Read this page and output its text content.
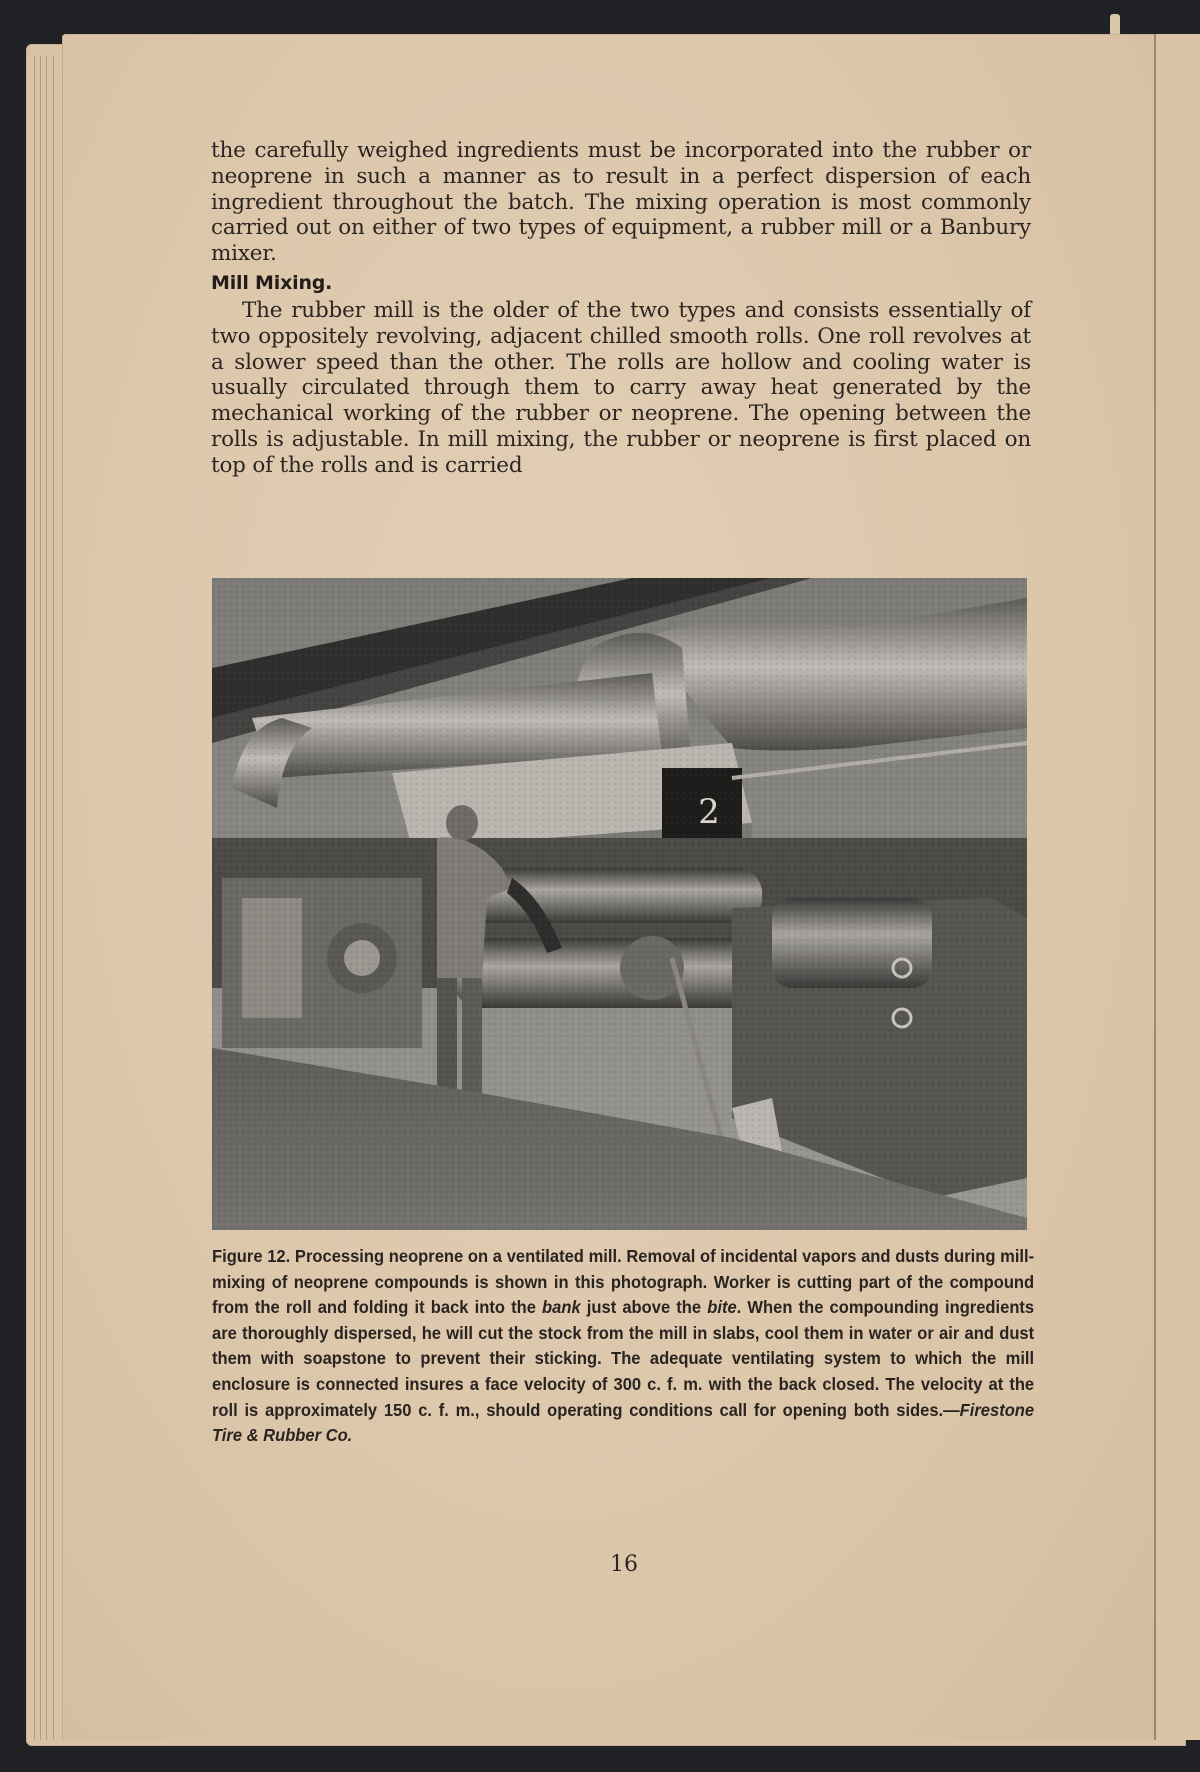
the carefully weighed ingredients must be incorporated into the rubber or neoprene in such a manner as to result in a perfect dispersion of each ingredient throughout the batch. The mixing operation is most commonly carried out on either of two types of equipment, a rubber mill or a Banbury mixer.

Mill Mixing.

The rubber mill is the older of the two types and consists essentially of two oppositely revolving, adjacent chilled smooth rolls. One roll revolves at a slower speed than the other. The rolls are hollow and cooling water is usually circulated through them to carry away heat generated by the mechanical working of the rubber or neoprene. The opening between the rolls is adjustable. In mill mixing, the rubber or neoprene is first placed on top of the rolls and is carried

2
Figure 12. Processing neoprene on a ventilated mill. Removal of incidental vapors and dusts during mill-mixing of neoprene compounds is shown in this photograph. Worker is cutting part of the compound from the roll and folding it back into the bank just above the bite. When the compounding ingredients are thoroughly dispersed, he will cut the stock from the mill in slabs, cool them in water or air and dust them with soapstone to prevent their sticking. The adequate ventilating system to which the mill enclosure is connected insures a face velocity of 300 c. f. m. with the back closed. The velocity at the roll is approximately 150 c. f. m., should operating conditions call for opening both sides.—Firestone Tire & Rubber Co.
16
